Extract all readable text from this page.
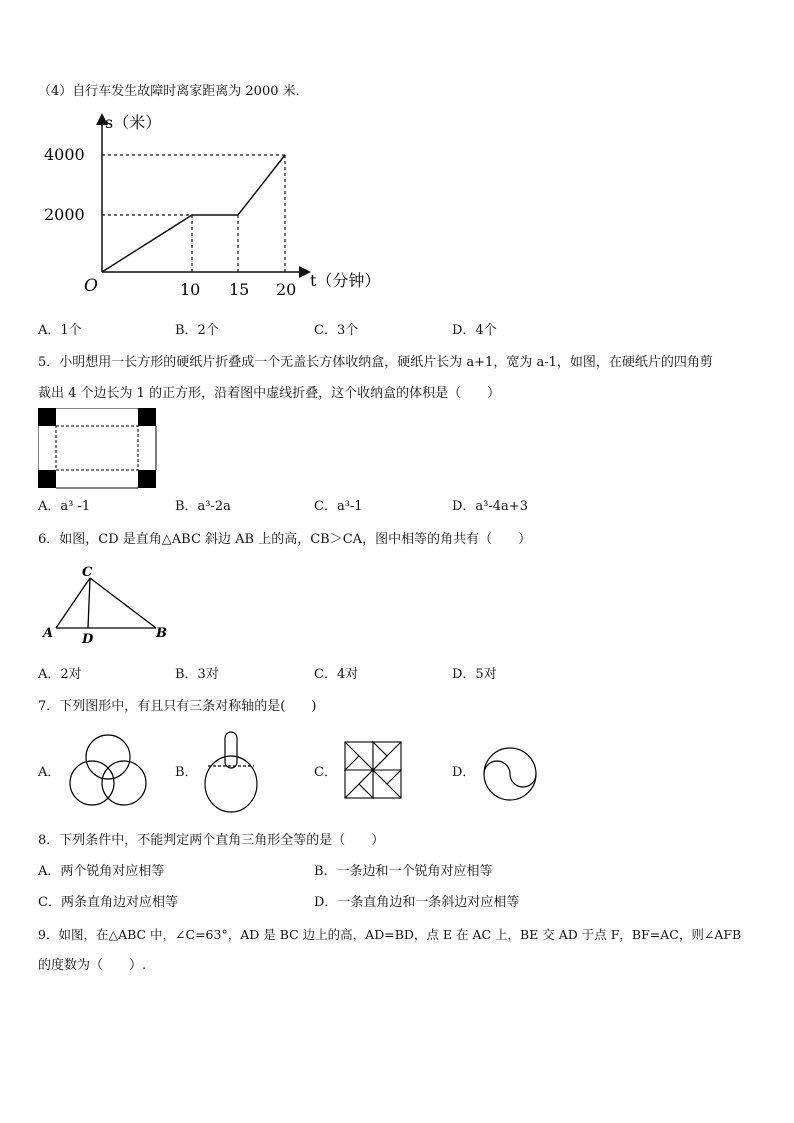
（4）自行车发生故障时离家距离为 2000 米．
s（米）
t（分钟）
O
4000
2000
10 15 20
A．1个	B．2个	C．3个	D．4个
5．小明想用一长方形的硬纸片折叠成一个无盖长方体收纳盒，硬纸片长为 a+1，宽为 a-1，如图，在硬纸片的四角剪
裁出 4 个边长为 1 的正方形，沿着图中虚线折叠，这个收纳盒的体积是（　　）
A．a³ -1	B．a³-2a	C．a³-1	D．a³-4a+3
6．如图，CD 是直角△ABC 斜边 AB 上的高，CB＞CA，图中相等的角共有（　　）
C
A D	B
A．2对	B．3对	C．4对	D．5对
7．下列图形中，有且只有三条对称轴的是(　　)
A．	B．	C．	D．
8．下列条件中，不能判定两个直角三角形全等的是（　　）
A．两个锐角对应相等	B．一条边和一个锐角对应相等
C．两条直角边对应相等	D．一条直角边和一条斜边对应相等
9．如图，在△ABC 中，∠C=63°，AD 是 BC 边上的高，AD=BD，点 E 在 AC 上，BE 交 AD 于点 F，BF=AC，则∠AFB
的度数为（　　）.
